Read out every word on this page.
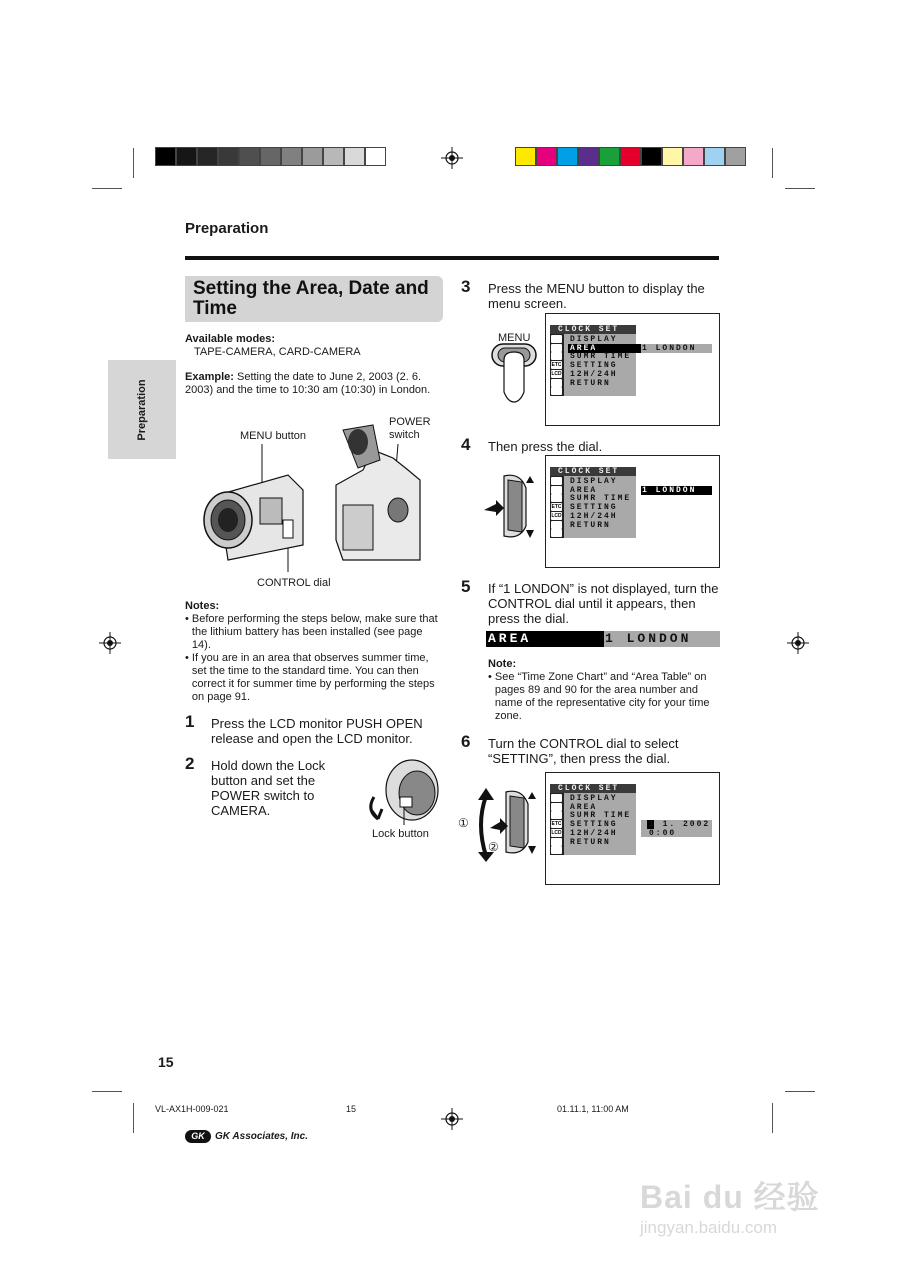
Preparation
Preparation
Setting the Area, Date and Time
Available modes:
TAPE-CAMERA, CARD-CAMERA
Example: Setting the date to June 2, 2003 (2. 6. 2003) and the time to 10:30 am (10:30) in London.
MENU button
POWER switch
CONTROL dial
Notes:
• Before performing the steps below, make sure that the lithium battery has been installed (see page 14).
• If you are in an area that observes summer time, set the time to the standard time. You can then correct it for summer time by performing the steps on page 91.
1 Press the LCD monitor PUSH OPEN release and open the LCD monitor.
2 Hold down the Lock button and set the POWER switch to CAMERA.
Lock button
3 Press the MENU button to display the menu screen.
MENU
CLOCK SET
ETC
LCD
DISPLAY
AREA
SUMR TIME
SETTING
12H/24H
RETURN
1 LONDON
4 Then press the dial.
CLOCK SET
ETC
LCD
DISPLAY
AREA
SUMR TIME
SETTING
12H/24H
RETURN
1 LONDON
5 If “1 LONDON” is not displayed, turn the CONTROL dial until it appears, then press the dial.
AREA	1 LONDON
Note:
• See “Time Zone Chart” and “Area Table” on pages 89 and 90 for the area number and name of the representative city for your time zone.
6 Turn the CONTROL dial to select “SETTING”, then press the dial.
①
②
CLOCK SET
ETC
LCD
DISPLAY
AREA
SUMR TIME
SETTING
12H/24H
RETURN
1 1. 2002
0:00
15
VL-AX1H-009-021	15	01.11.1, 11:00 AM
GK	GK Associates, Inc.
Bai du 经验
jingyan.baidu.com
